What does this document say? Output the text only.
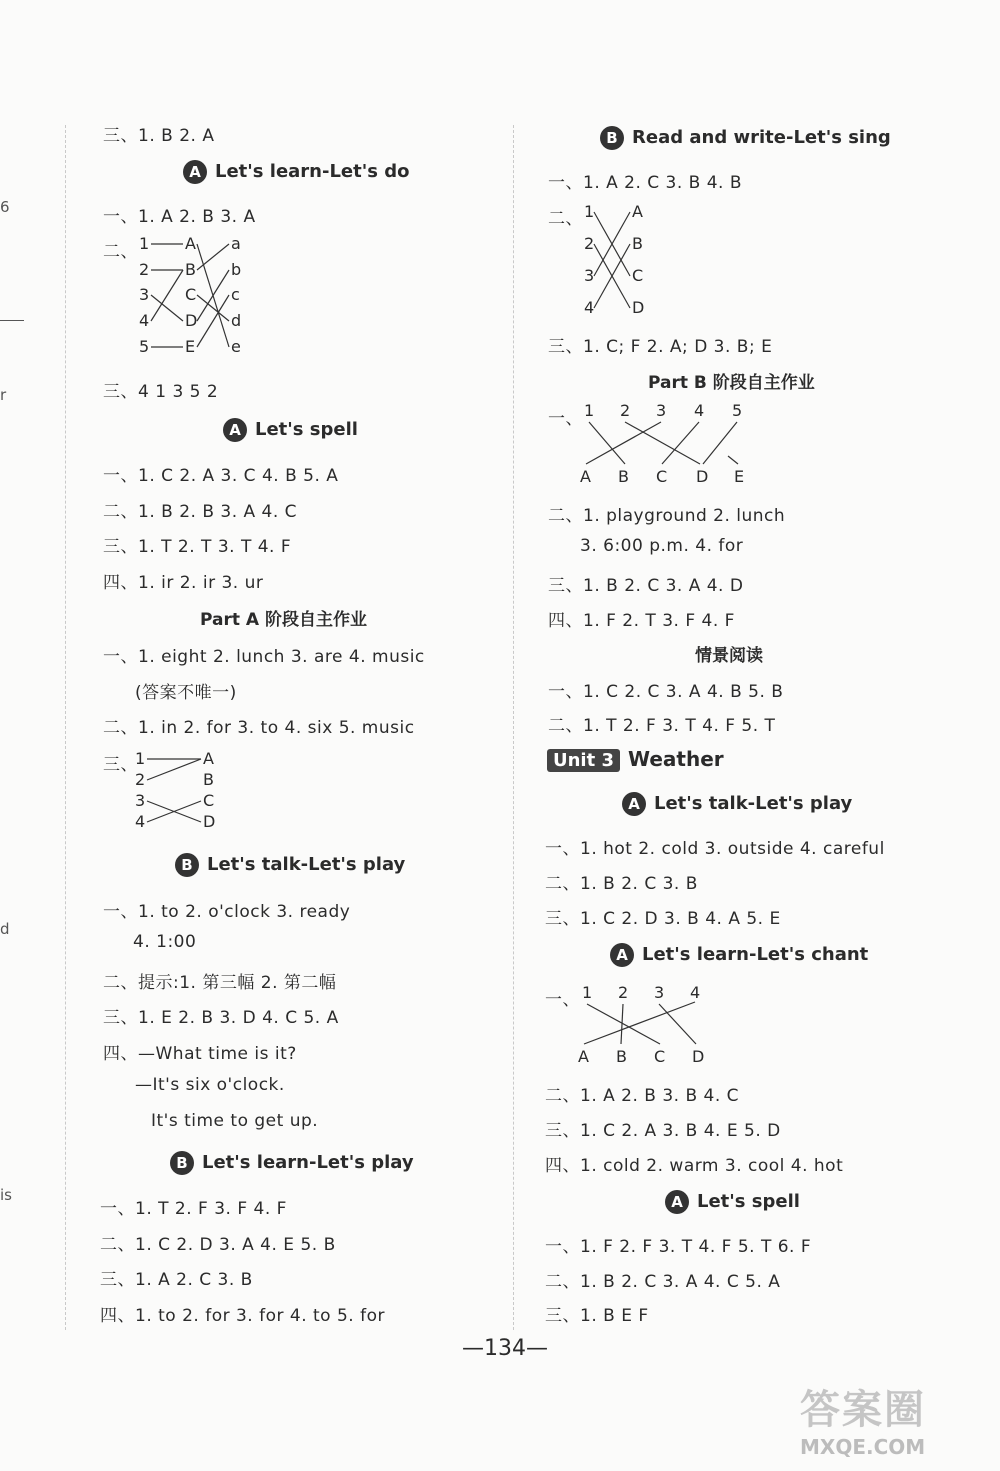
6
r
d
is
三、1. B 2. A
A Let's learn-Let's do
一、1. A 2. B 3. A
二、 1
2
3
4
5
A
B
C
D
E
a
b
c
d
e
三、4 1 3 5 2
A Let's spell
一、1. C 2. A 3. C 4. B 5. A
二、1. B 2. B 3. A 4. C
三、1. T 2. T 3. T 4. F
四、1. ir 2. ir 3. ur
Part A 阶段自主作业
一、1. eight 2. lunch 3. are 4. music
(答案不唯一)
二、1. in 2. for 3. to 4. six 5. music
三、
1
2
3
4
A
B
C
D
B Let's talk-Let's play
一、1. to 2. o'clock 3. ready
4. 1:00
二、提示:1. 第三幅 2. 第二幅
三、1. E 2. B 3. D 4. C 5. A
四、—What time is it?
—It's six o'clock.
It's time to get up.
B Let's learn-Let's play
一、1. T 2. F 3. F 4. F
二、1. C 2. D 3. A 4. E 5. B
三、1. A 2. C 3. B
四、1. to 2. for 3. for 4. to 5. for
B Read and write-Let's sing
一、1. A 2. C 3. B 4. B
二、 1
2
3
4
A
B
C
D
三、1. C; F 2. A; D 3. B; E
Part B 阶段自主作业
一、 1 2 3 4 5
A B C D E
二、1. playground 2. lunch
3. 6:00 p.m. 4. for
三、1. B 2. C 3. A 4. D
四、1. F 2. T 3. F 4. F
情景阅读
一、1. C 2. C 3. A 4. B 5. B
二、1. T 2. F 3. T 4. F 5. T
Unit 3 Weather
A Let's talk-Let's play
一、1. hot 2. cold 3. outside 4. careful
二、1. B 2. C 3. B
三、1. C 2. D 3. B 4. A 5. E
A Let's learn-Let's chant
一、 1 2 3 4
A B C D
二、1. A 2. B 3. B 4. C
三、1. C 2. A 3. B 4. E 5. D
四、1. cold 2. warm 3. cool 4. hot
A Let's spell
一、1. F 2. F 3. T 4. F 5. T 6. F
二、1. B 2. C 3. A 4. C 5. A
三、1. B E F
—134—
答案圈
MXQE.COM
